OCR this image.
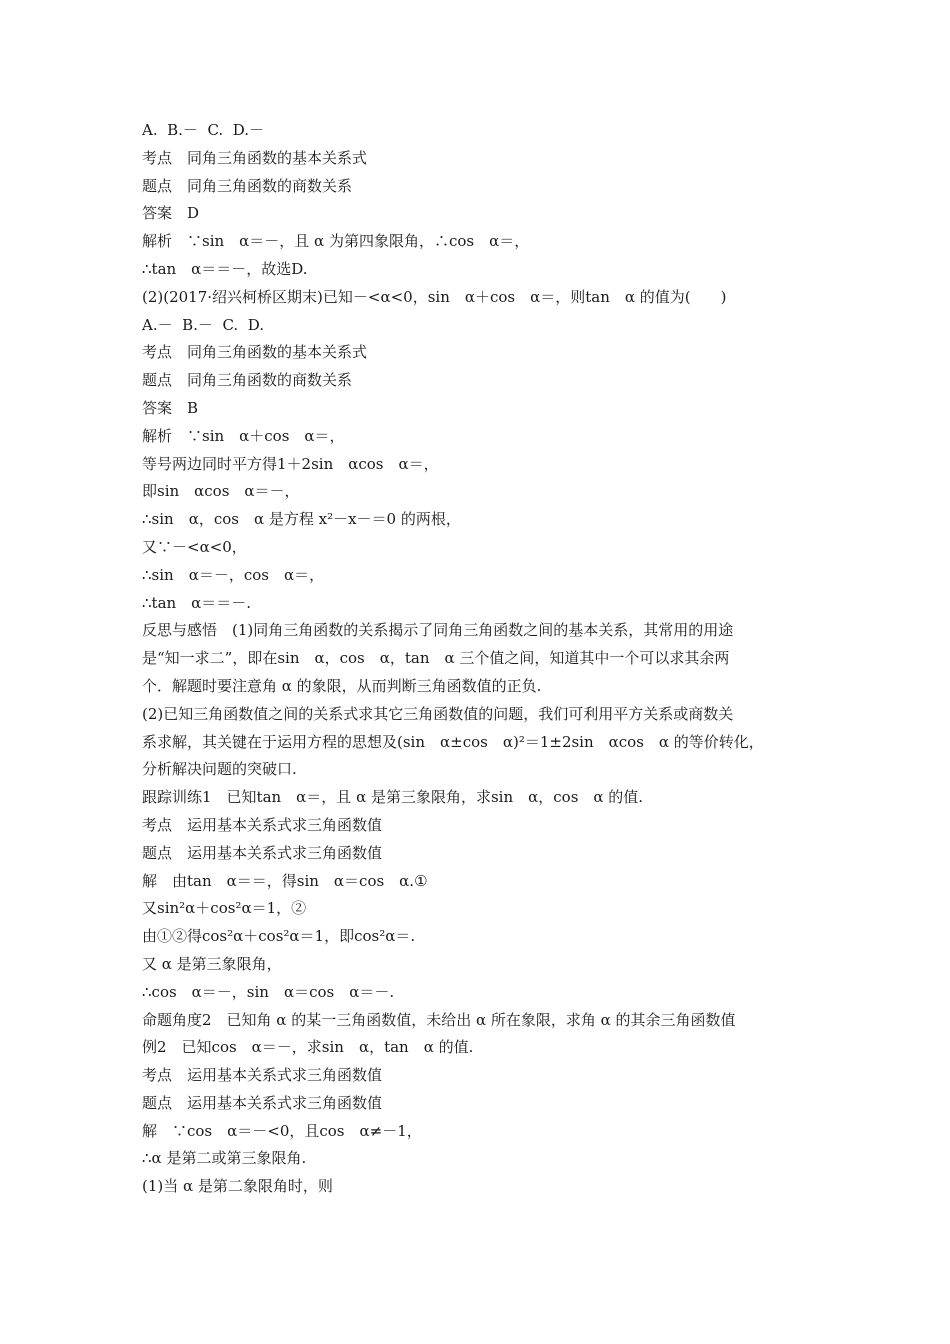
A.  B.－  C.  D.－
考点　同角三角函数的基本关系式
题点　同角三角函数的商数关系
答案　D
解析　∵sin　α＝－，且 α 为第四象限角，∴cos　α＝，
∴tan　α＝＝－，故选D.
(2)(2017·绍兴柯桥区期末)已知－<α<0，sin　α＋cos　α＝，则tan　α 的值为(　　)
A.－  B.－  C.  D.
考点　同角三角函数的基本关系式
题点　同角三角函数的商数关系
答案　B
解析　∵sin　α＋cos　α＝，
等号两边同时平方得1＋2sin　αcos　α＝，
即sin　αcos　α＝－，
∴sin　α，cos　α 是方程 x²－x－＝0 的两根，
又∵－<α<0，
∴sin　α＝－，cos　α＝，
∴tan　α＝＝－.
反思与感悟　(1)同角三角函数的关系揭示了同角三角函数之间的基本关系，其常用的用途
是“知一求二”，即在sin　α，cos　α，tan　α 三个值之间，知道其中一个可以求其余两
个．解题时要注意角 α 的象限，从而判断三角函数值的正负.
(2)已知三角函数值之间的关系式求其它三角函数值的问题，我们可利用平方关系或商数关
系求解，其关键在于运用方程的思想及(sin　α±cos　α)²＝1±2sin　αcos　α 的等价转化，
分析解决问题的突破口.
跟踪训练1　已知tan　α＝，且 α 是第三象限角，求sin　α，cos　α 的值.
考点　运用基本关系式求三角函数值
题点　运用基本关系式求三角函数值
解　由tan　α＝＝，得sin　α＝cos　α.①
又sin²α＋cos²α＝1，②
由①②得cos²α＋cos²α＝1，即cos²α＝.
又 α 是第三象限角，
∴cos　α＝－，sin　α＝cos　α＝－.
命题角度2　已知角 α 的某一三角函数值，未给出 α 所在象限，求角 α 的其余三角函数值
例2　已知cos　α＝－，求sin　α，tan　α 的值.
考点　运用基本关系式求三角函数值
题点　运用基本关系式求三角函数值
解　∵cos　α＝－<0，且cos　α≠－1，
∴α 是第二或第三象限角.
(1)当 α 是第二象限角时，则
